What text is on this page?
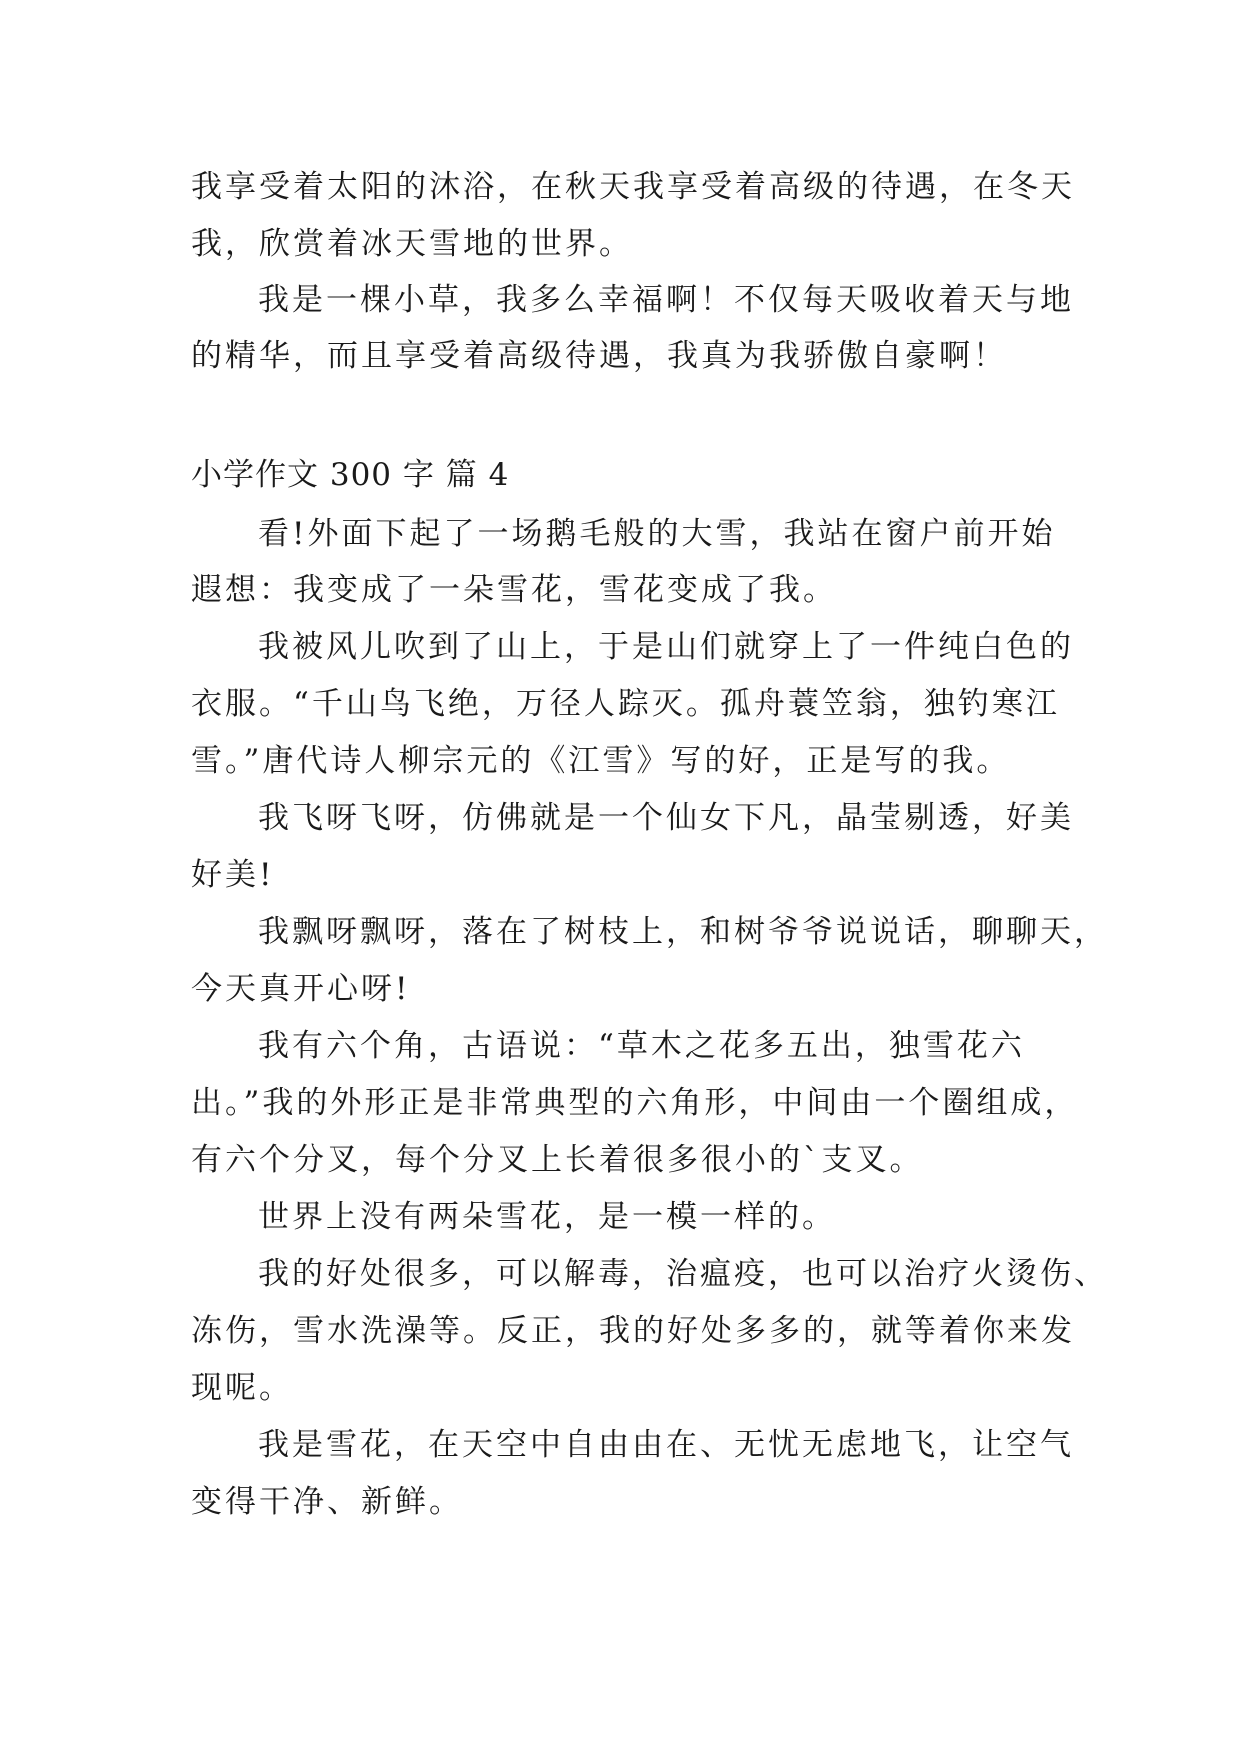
我享受着太阳的沐浴，在秋天我享受着高级的待遇，在冬天
我，欣赏着冰天雪地的世界。
我是一棵小草，我多么幸福啊！不仅每天吸收着天与地
的精华，而且享受着高级待遇，我真为我骄傲自豪啊！
小学作文 300 字 篇 4
看!外面下起了一场鹅毛般的大雪，我站在窗户前开始
遐想：我变成了一朵雪花，雪花变成了我。
我被风儿吹到了山上，于是山们就穿上了一件纯白色的
衣服。“千山鸟飞绝，万径人踪灭。孤舟蓑笠翁，独钓寒江
雪。”唐代诗人柳宗元的《江雪》写的好，正是写的我。
我飞呀飞呀，仿佛就是一个仙女下凡，晶莹剔透，好美
好美!
我飘呀飘呀，落在了树枝上，和树爷爷说说话，聊聊天，
今天真开心呀!
我有六个角，古语说：“草木之花多五出，独雪花六
出。”我的外形正是非常典型的六角形，中间由一个圈组成，
有六个分叉，每个分叉上长着很多很小的`支叉。
世界上没有两朵雪花，是一模一样的。
我的好处很多，可以解毒，治瘟疫，也可以治疗火烫伤、
冻伤，雪水洗澡等。反正，我的好处多多的，就等着你来发
现呢。
我是雪花，在天空中自由由在、无忧无虑地飞，让空气
变得干净、新鲜。
